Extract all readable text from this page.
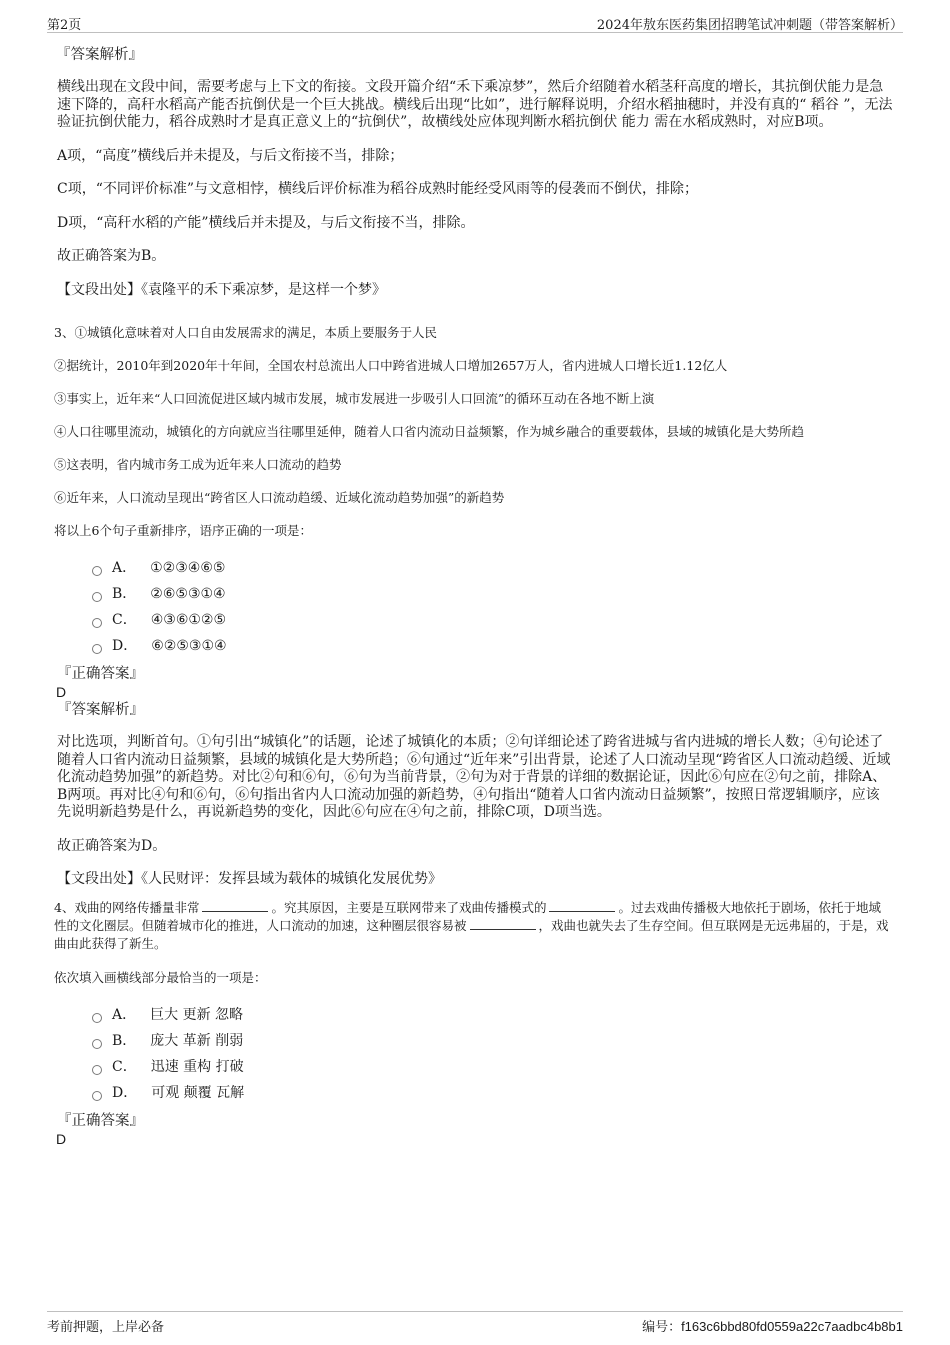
第2页	2024年敖东医药集团招聘笔试冲刺题（带答案解析）

『答案解析』

横线出现在文段中间，需要考虑与上下文的衔接。文段开篇介绍“禾下乘凉梦”，然后介绍随着水稻茎秆高度的增长，其抗倒伏能力是急速下降的，高秆水稻高产能否抗倒伏是一个巨大挑战。横线后出现“比如”，进行解释说明，介绍水稻抽穗时，并没有真的“ 稻谷 ”，无法验证抗倒伏能力，稻谷成熟时才是真正意义上的“抗倒伏”，故横线处应体现判断水稻抗倒伏 能力 需在水稻成熟时，对应B项。

A项，“高度”横线后并未提及，与后文衔接不当，排除；

C项，“不同评价标准”与文意相悖，横线后评价标准为稻谷成熟时能经受风雨等的侵袭而不倒伏，排除；

D项，“高秆水稻的产能”横线后并未提及，与后文衔接不当，排除。

故正确答案为B。

【文段出处】《袁隆平的禾下乘凉梦，是这样一个梦》

3、①城镇化意味着对人口自由发展需求的满足，本质上要服务于人民

②据统计，2010年到2020年十年间，全国农村总流出人口中跨省进城人口增加2657万人，省内进城人口增长近1.12亿人

③事实上，近年来“人口回流促进区域内城市发展，城市发展进一步吸引人口回流”的循环互动在各地不断上演

④人口往哪里流动，城镇化的方向就应当往哪里延伸，随着人口省内流动日益频繁，作为城乡融合的重要载体，县域的城镇化是大势所趋

⑤这表明，省内城市务工成为近年来人口流动的趋势

⑥近年来，人口流动呈现出“跨省区人口流动趋缓、近域化流动趋势加强”的新趋势

将以上6个句子重新排序，语序正确的一项是：

A． ①②③④⑥⑤
B． ②⑥⑤③①④
C． ④③⑥①②⑤
D． ⑥②⑤③①④

『正确答案』

D

『答案解析』

对比选项，判断首句。①句引出“城镇化”的话题，论述了城镇化的本质；②句详细论述了跨省进城与省内进城的增长人数；④句论述了随着人口省内流动日益频繁，县域的城镇化是大势所趋；⑥句通过“近年来”引出背景，论述了人口流动呈现“跨省区人口流动趋缓、近域化流动趋势加强”的新趋势。对比②句和⑥句，⑥句为当前背景，②句为对于背景的详细的数据论证，因此⑥句应在②句之前，排除A、B两项。再对比④句和⑥句，⑥句指出省内人口流动加强的新趋势，④句指出“随着人口省内流动日益频繁”，按照日常逻辑顺序，应该先说明新趋势是什么，再说新趋势的变化，因此⑥句应在④句之前，排除C项，D项当选。

故正确答案为D。

【文段出处】《人民财评：发挥县域为载体的城镇化发展优势》

4、戏曲的网络传播量非常	。究其原因，主要是互联网带来了戏曲传播模式的	。过去戏曲传播极大地依托于剧场，依托于地域性的文化圈层。但随着城市化的推进，人口流动的加速，这种圈层很容易被	，戏曲也就失去了生存空间。但互联网是无远弗届的，于是，戏曲由此获得了新生。

依次填入画横线部分最恰当的一项是：

A． 巨大 更新 忽略
B． 庞大 革新 削弱
C． 迅速 重构 打破
D． 可观 颠覆 瓦解

『正确答案』

D

考前押题，上岸必备	编号：f163c6bbd80fd0559a22c7aadbc4b8b1
